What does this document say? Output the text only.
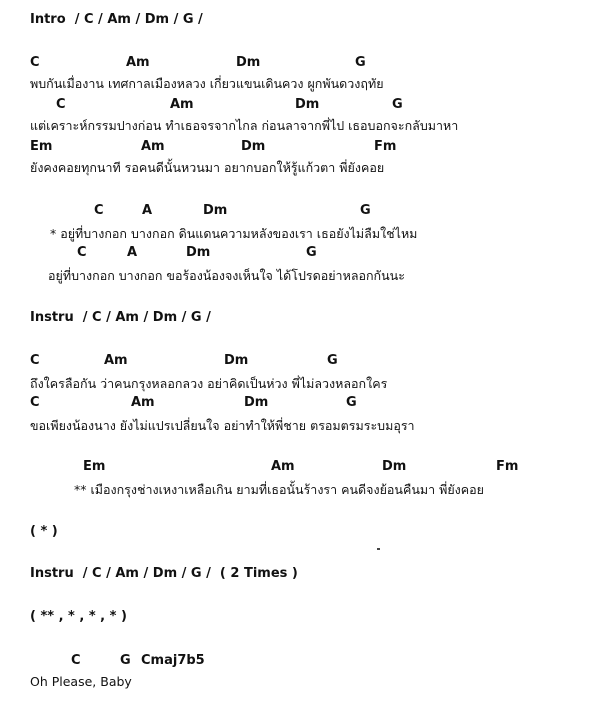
Intro  / C / Am / Dm / G /
C	Am	Dm	G
พบกันเมื่องาน เทศกาลเมืองหลวง เกี่ยวแขนเดินควง ผูกพันดวงฤทัย
C	Am	Dm	G
แต่เคราะห์กรรมปางก่อน ทำเธอจรจากไกล ก่อนลาจากพี่ไป เธอบอกจะกลับมาหา
Em	Am	Dm	Fm
ยังคงคอยทุกนาที รอคนดีนั้นหวนมา อยากบอกให้รู้แก้วตา พี่ยังคอย
C	A	Dm	G
* อยู่ที่บางกอก บางกอก ดินแดนความหลังของเรา เธอยังไม่ลืมใช่ไหม
C	A	Dm	G
อยู่ที่บางกอก บางกอก ขอร้องน้องจงเห็นใจ ได้โปรดอย่าหลอกกันนะ
Instru  / C / Am / Dm / G /
C	Am	Dm	G
ถึงใครลือกัน ว่าคนกรุงหลอกลวง อย่าคิดเป็นห่วง พี่ไม่ลวงหลอกใคร
C	Am	Dm	G
ขอเพียงน้องนาง ยังไม่แปรเปลี่ยนใจ อย่าทำให้พี่ชาย ตรอมตรมระบมอุรา
Em	Am	Dm	Fm
** เมืองกรุงช่างเหงาเหลือเกิน ยามที่เธอนั้นร้างรา คนดีจงย้อนคืนมา พี่ยังคอย
( * )
Instru  / C / Am / Dm / G /  ( 2 Times )
( ** , * , * , * )
C	G Cmaj7b5
Oh Please, Baby
